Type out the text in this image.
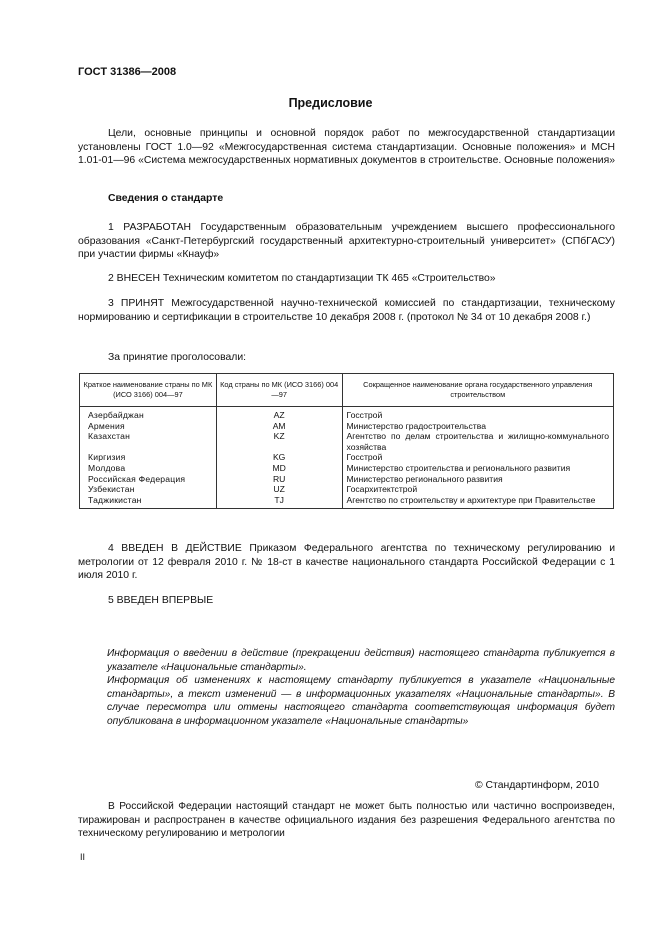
ГОСТ 31386—2008
Предисловие
Цели, основные принципы и основной порядок работ по межгосударственной стандартизации установлены ГОСТ 1.0—92 «Межгосударственная система стандартизации. Основные положения» и МСН 1.01-01—96 «Система межгосударственных нормативных документов в строительстве. Основные положения»
Сведения о стандарте
1 РАЗРАБОТАН Государственным образовательным учреждением высшего профессионального образования «Санкт-Петербургский государственный архитектурно-строительный университет» (СПбГАСУ) при участии фирмы «Кнауф»
2 ВНЕСЕН Техническим комитетом по стандартизации ТК 465 «Строительство»
3 ПРИНЯТ Межгосударственной научно-технической комиссией по стандартизации, техническому нормированию и сертификации в строительстве 10 декабря 2008 г. (протокол № 34 от 10 декабря 2008 г.)
За принятие проголосовали:
Краткое наименование страны по МК (ИСО 3166) 004—97	Код страны по МК (ИСО 3166) 004—97	Сокращенное наименование органа государственного управления строительством
Азербайджан	AZ	Госстрой
Армения	AM	Министерство градостроительства
Казахстан	KZ	Агентство по делам строительства и жилищно-коммунального хозяйства
Киргизия	KG	Госстрой
Молдова	MD	Министерство строительства и регионального развития
Российская Федерация	RU	Министерство регионального развития
Узбекистан	UZ	Госархитектстрой
Таджикистан	TJ	Агентство по строительству и архитектуре при Правительстве
4 ВВЕДЕН В ДЕЙСТВИЕ Приказом Федерального агентства по техническому регулированию и метрологии от 12 февраля 2010 г. № 18-ст в качестве национального стандарта Российской Федерации с 1 июля 2010 г.
5 ВВЕДЕН ВПЕРВЫЕ
Информация о введении в действие (прекращении действия) настоящего стандарта публикуется в указателе «Национальные стандарты».
Информация об изменениях к настоящему стандарту публикуется в указателе «Национальные стандарты», а текст изменений — в информационных указателях «Национальные стандарты». В случае пересмотра или отмены настоящего стандарта соответствующая информация будет опубликована в информационном указателе «Национальные стандарты»
© Стандартинформ, 2010
В Российской Федерации настоящий стандарт не может быть полностью или частично воспроизведен, тиражирован и распространен в качестве официального издания без разрешения Федерального агентства по техническому регулированию и метрологии
II
